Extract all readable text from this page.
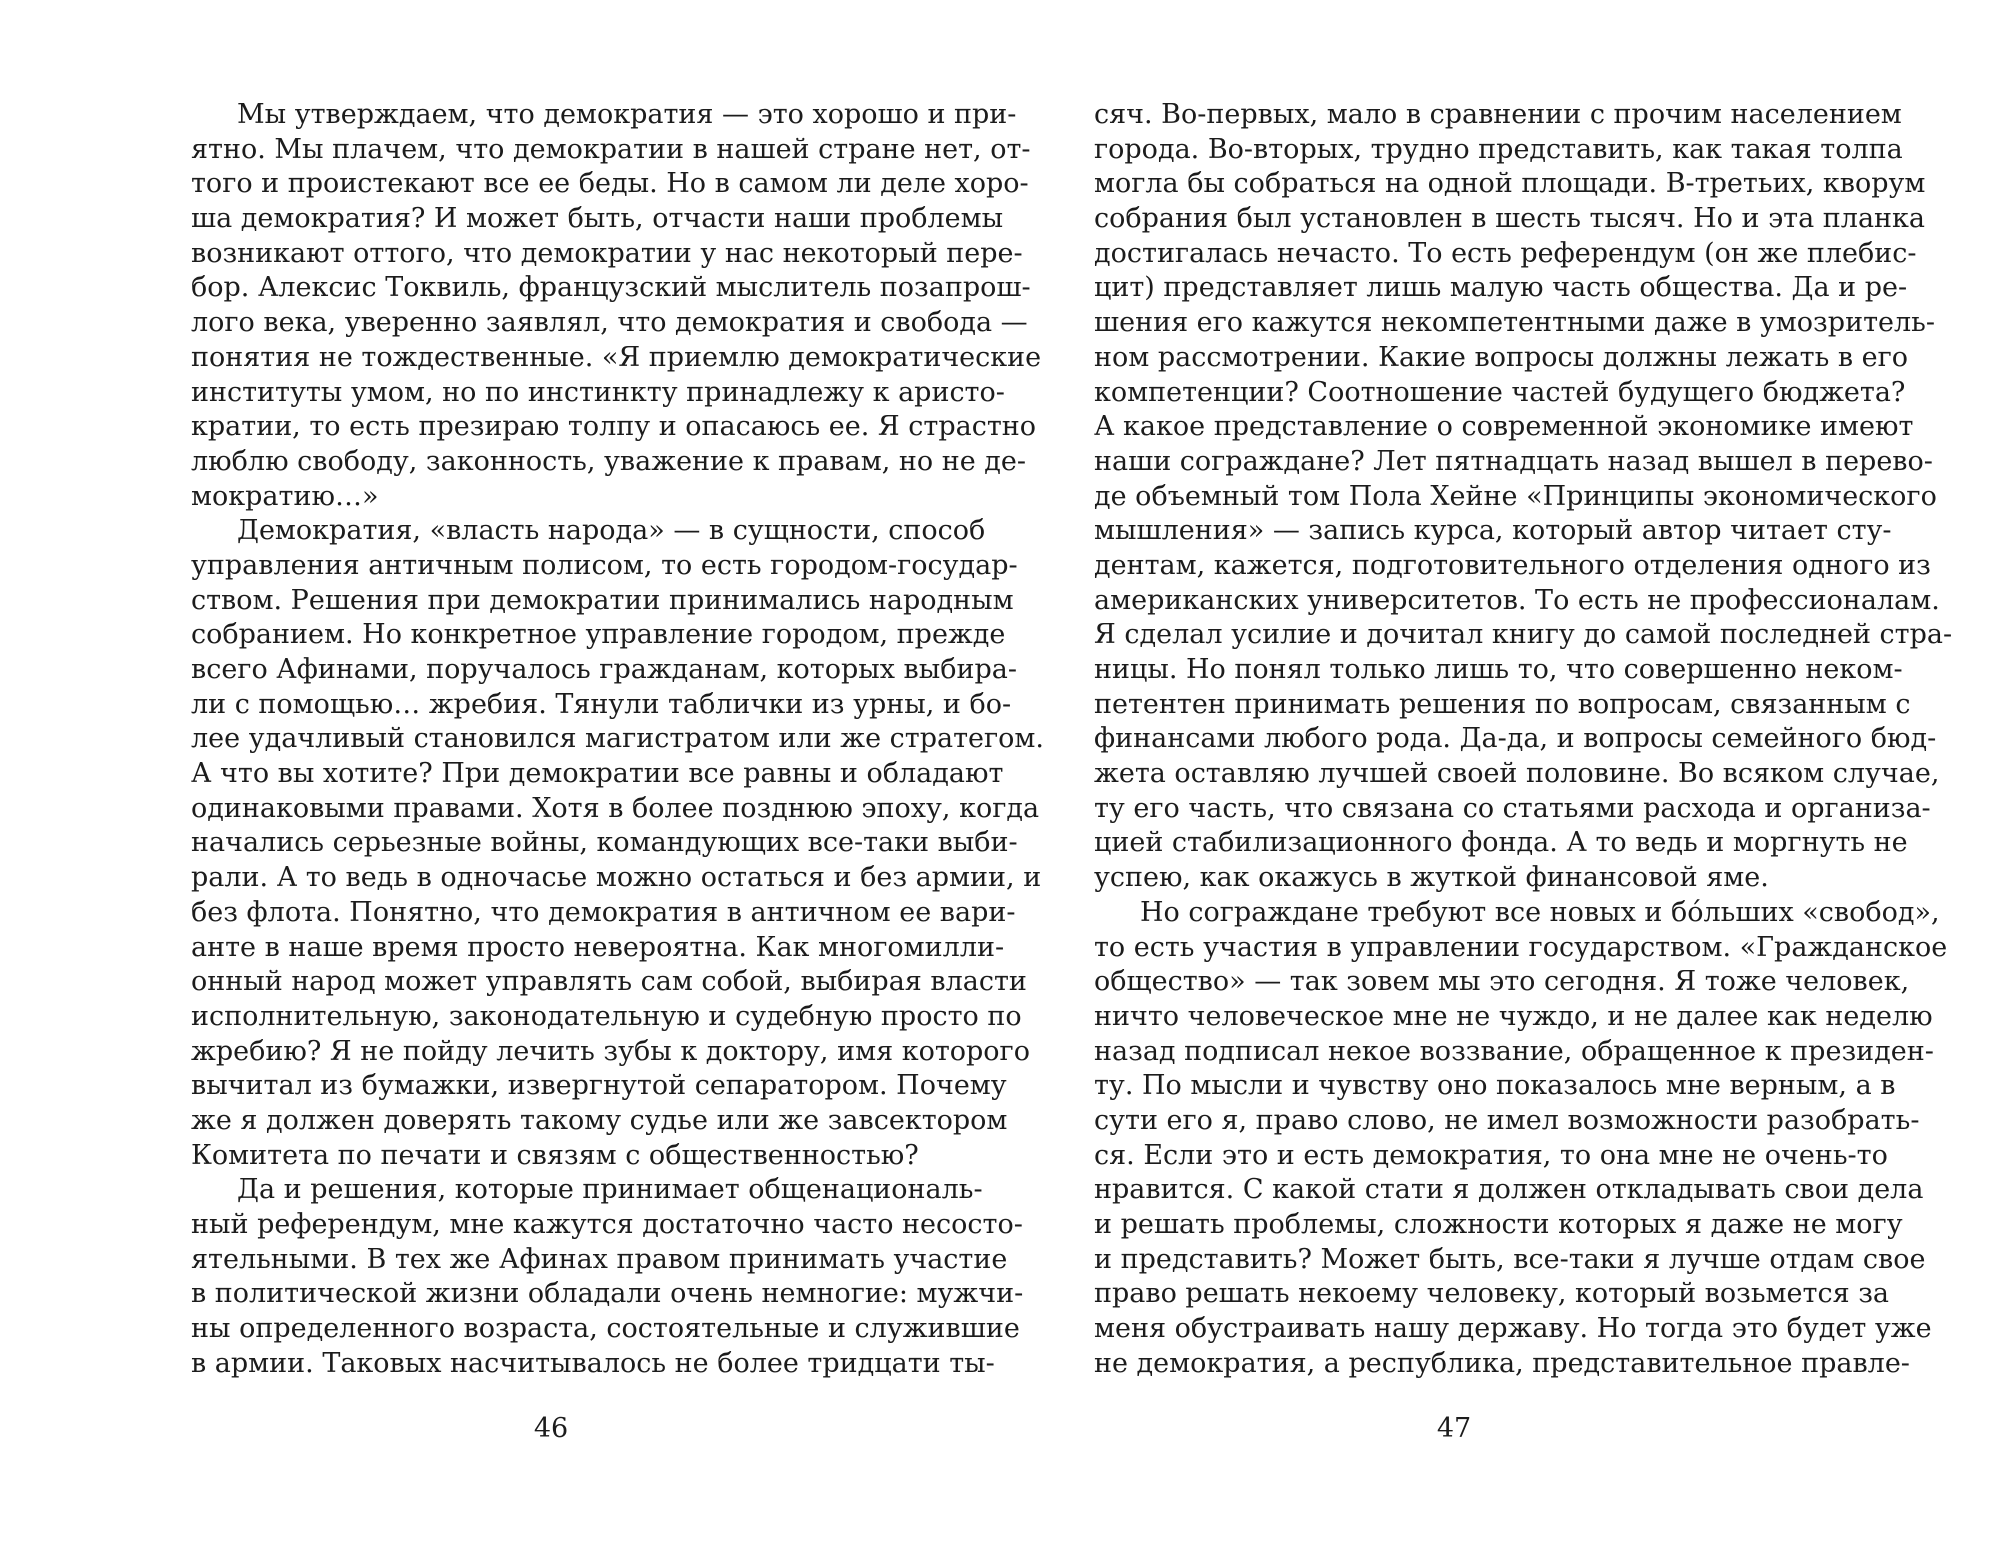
Мы утверждаем, что демократия — это хорошо и при-
ятно. Мы плачем, что демократии в нашей стране нет, от-
того и проистекают все ее беды. Но в самом ли деле хоро-
ша демократия? И может быть, отчасти наши проблемы
возникают оттого, что демократии у нас некоторый пере-
бор. Алексис Токвиль, французский мыслитель позапрош-
лого века, уверенно заявлял, что демократия и свобода —
понятия не тождественные. «Я приемлю демократические
институты умом, но по инстинкту принадлежу к аристо-
кратии, то есть презираю толпу и опасаюсь ее. Я страстно
люблю свободу, законность, уважение к правам, но не де-
мократию…»
Демократия, «власть народа» — в сущности, способ
управления античным полисом, то есть городом-государ-
ством. Решения при демократии принимались народным
собранием. Но конкретное управление городом, прежде
всего Афинами, поручалось гражданам, которых выбира-
ли с помощью… жребия. Тянули таблички из урны, и бо-
лее удачливый становился магистратом или же стратегом.
А что вы хотите? При демократии все равны и обладают
одинаковыми правами. Хотя в более позднюю эпоху, когда
начались серьезные войны, командующих все-таки выби-
рали. А то ведь в одночасье можно остаться и без армии, и
без флота. Понятно, что демократия в античном ее вари-
анте в наше время просто невероятна. Как многомилли-
онный народ может управлять сам собой, выбирая власти
исполнительную, законодательную и судебную просто по
жребию? Я не пойду лечить зубы к доктору, имя которого
вычитал из бумажки, извергнутой сепаратором. Почему
же я должен доверять такому судье или же завсектором
Комитета по печати и связям с общественностью?
Да и решения, которые принимает общенациональ-
ный референдум, мне кажутся достаточно часто несосто-
ятельными. В тех же Афинах правом принимать участие
в политической жизни обладали очень немногие: мужчи-
ны определенного возраста, состоятельные и служившие
в армии. Таковых насчитывалось не более тридцати ты-
46
сяч. Во-первых, мало в сравнении с прочим населением
города. Во-вторых, трудно представить, как такая толпа
могла бы собраться на одной площади. В-третьих, кворум
собрания был установлен в шесть тысяч. Но и эта планка
достигалась нечасто. То есть референдум (он же плебис-
цит) представляет лишь малую часть общества. Да и ре-
шения его кажутся некомпетентными даже в умозритель-
ном рассмотрении. Какие вопросы должны лежать в его
компетенции? Соотношение частей будущего бюджета?
А какое представление о современной экономике имеют
наши сограждане? Лет пятнадцать назад вышел в перево-
де объемный том Пола Хейне «Принципы экономического
мышления» — запись курса, который автор читает сту-
дентам, кажется, подготовительного отделения одного из
американских университетов. То есть не профессионалам.
Я сделал усилие и дочитал книгу до самой последней стра-
ницы. Но понял только лишь то, что совершенно неком-
петентен принимать решения по вопросам, связанным с
финансами любого рода. Да-да, и вопросы семейного бюд-
жета оставляю лучшей своей половине. Во всяком случае,
ту его часть, что связана со статьями расхода и организа-
цией стабилизационного фонда. А то ведь и моргнуть не
успею, как окажусь в жуткой финансовой яме.
Но сограждане требуют все новых и бóльших «свобод»,
то есть участия в управлении государством. «Гражданское
общество» — так зовем мы это сегодня. Я тоже человек,
ничто человеческое мне не чуждо, и не далее как неделю
назад подписал некое воззвание, обращенное к президен-
ту. По мысли и чувству оно показалось мне верным, а в
сути его я, право слово, не имел возможности разобрать-
ся. Если это и есть демократия, то она мне не очень-то
нравится. С какой стати я должен откладывать свои дела
и решать проблемы, сложности которых я даже не могу
и представить? Может быть, все-таки я лучше отдам свое
право решать некоему человеку, который возьмется за
меня обустраивать нашу державу. Но тогда это будет уже
не демократия, а республика, представительное правле-
47
